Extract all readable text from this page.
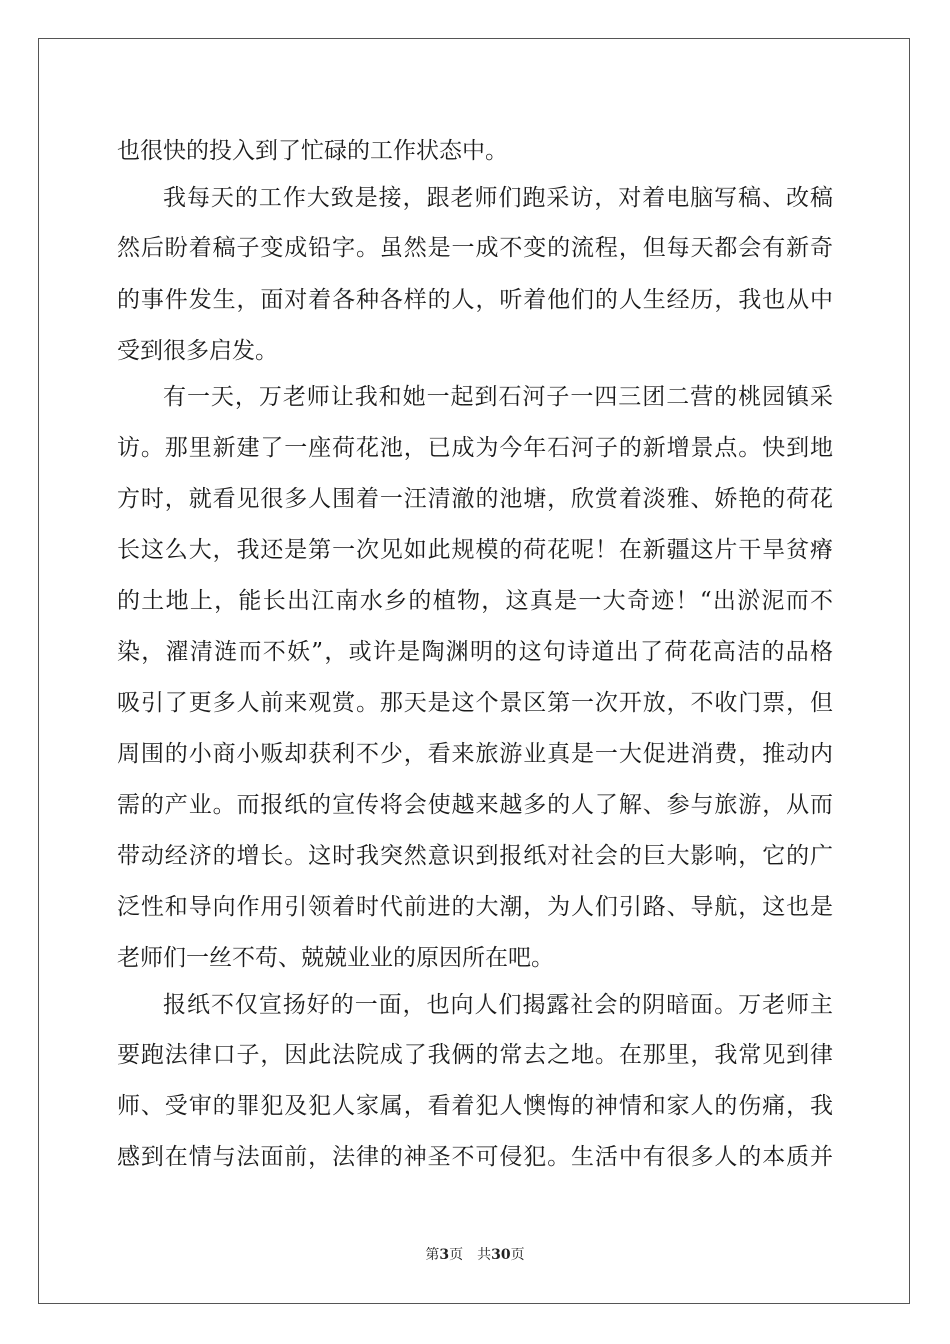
也很快的投入到了忙碌的工作状态中。
我每天的工作大致是接，跟老师们跑采访，对着电脑写稿、改稿
然后盼着稿子变成铅字。虽然是一成不变的流程，但每天都会有新奇
的事件发生，面对着各种各样的人，听着他们的人生经历，我也从中
受到很多启发。
有一天，万老师让我和她一起到石河子一四三团二营的桃园镇采
访。那里新建了一座荷花池，已成为今年石河子的新增景点。快到地
方时，就看见很多人围着一汪清澈的池塘，欣赏着淡雅、娇艳的荷花
长这么大，我还是第一次见如此规模的荷花呢！在新疆这片干旱贫瘠
的土地上，能长出江南水乡的植物，这真是一大奇迹！“出淤泥而不
染，濯清涟而不妖”，或许是陶渊明的这句诗道出了荷花高洁的品格
吸引了更多人前来观赏。那天是这个景区第一次开放，不收门票，但
周围的小商小贩却获利不少，看来旅游业真是一大促进消费，推动内
需的产业。而报纸的宣传将会使越来越多的人了解、参与旅游，从而
带动经济的增长。这时我突然意识到报纸对社会的巨大影响，它的广
泛性和导向作用引领着时代前进的大潮，为人们引路、导航，这也是
老师们一丝不苟、兢兢业业的原因所在吧。
报纸不仅宣扬好的一面，也向人们揭露社会的阴暗面。万老师主
要跑法律口子，因此法院成了我俩的常去之地。在那里，我常见到律
师、受审的罪犯及犯人家属，看着犯人懊悔的神情和家人的伤痛，我
感到在情与法面前，法律的神圣不可侵犯。生活中有很多人的本质并
第3页 共30页
